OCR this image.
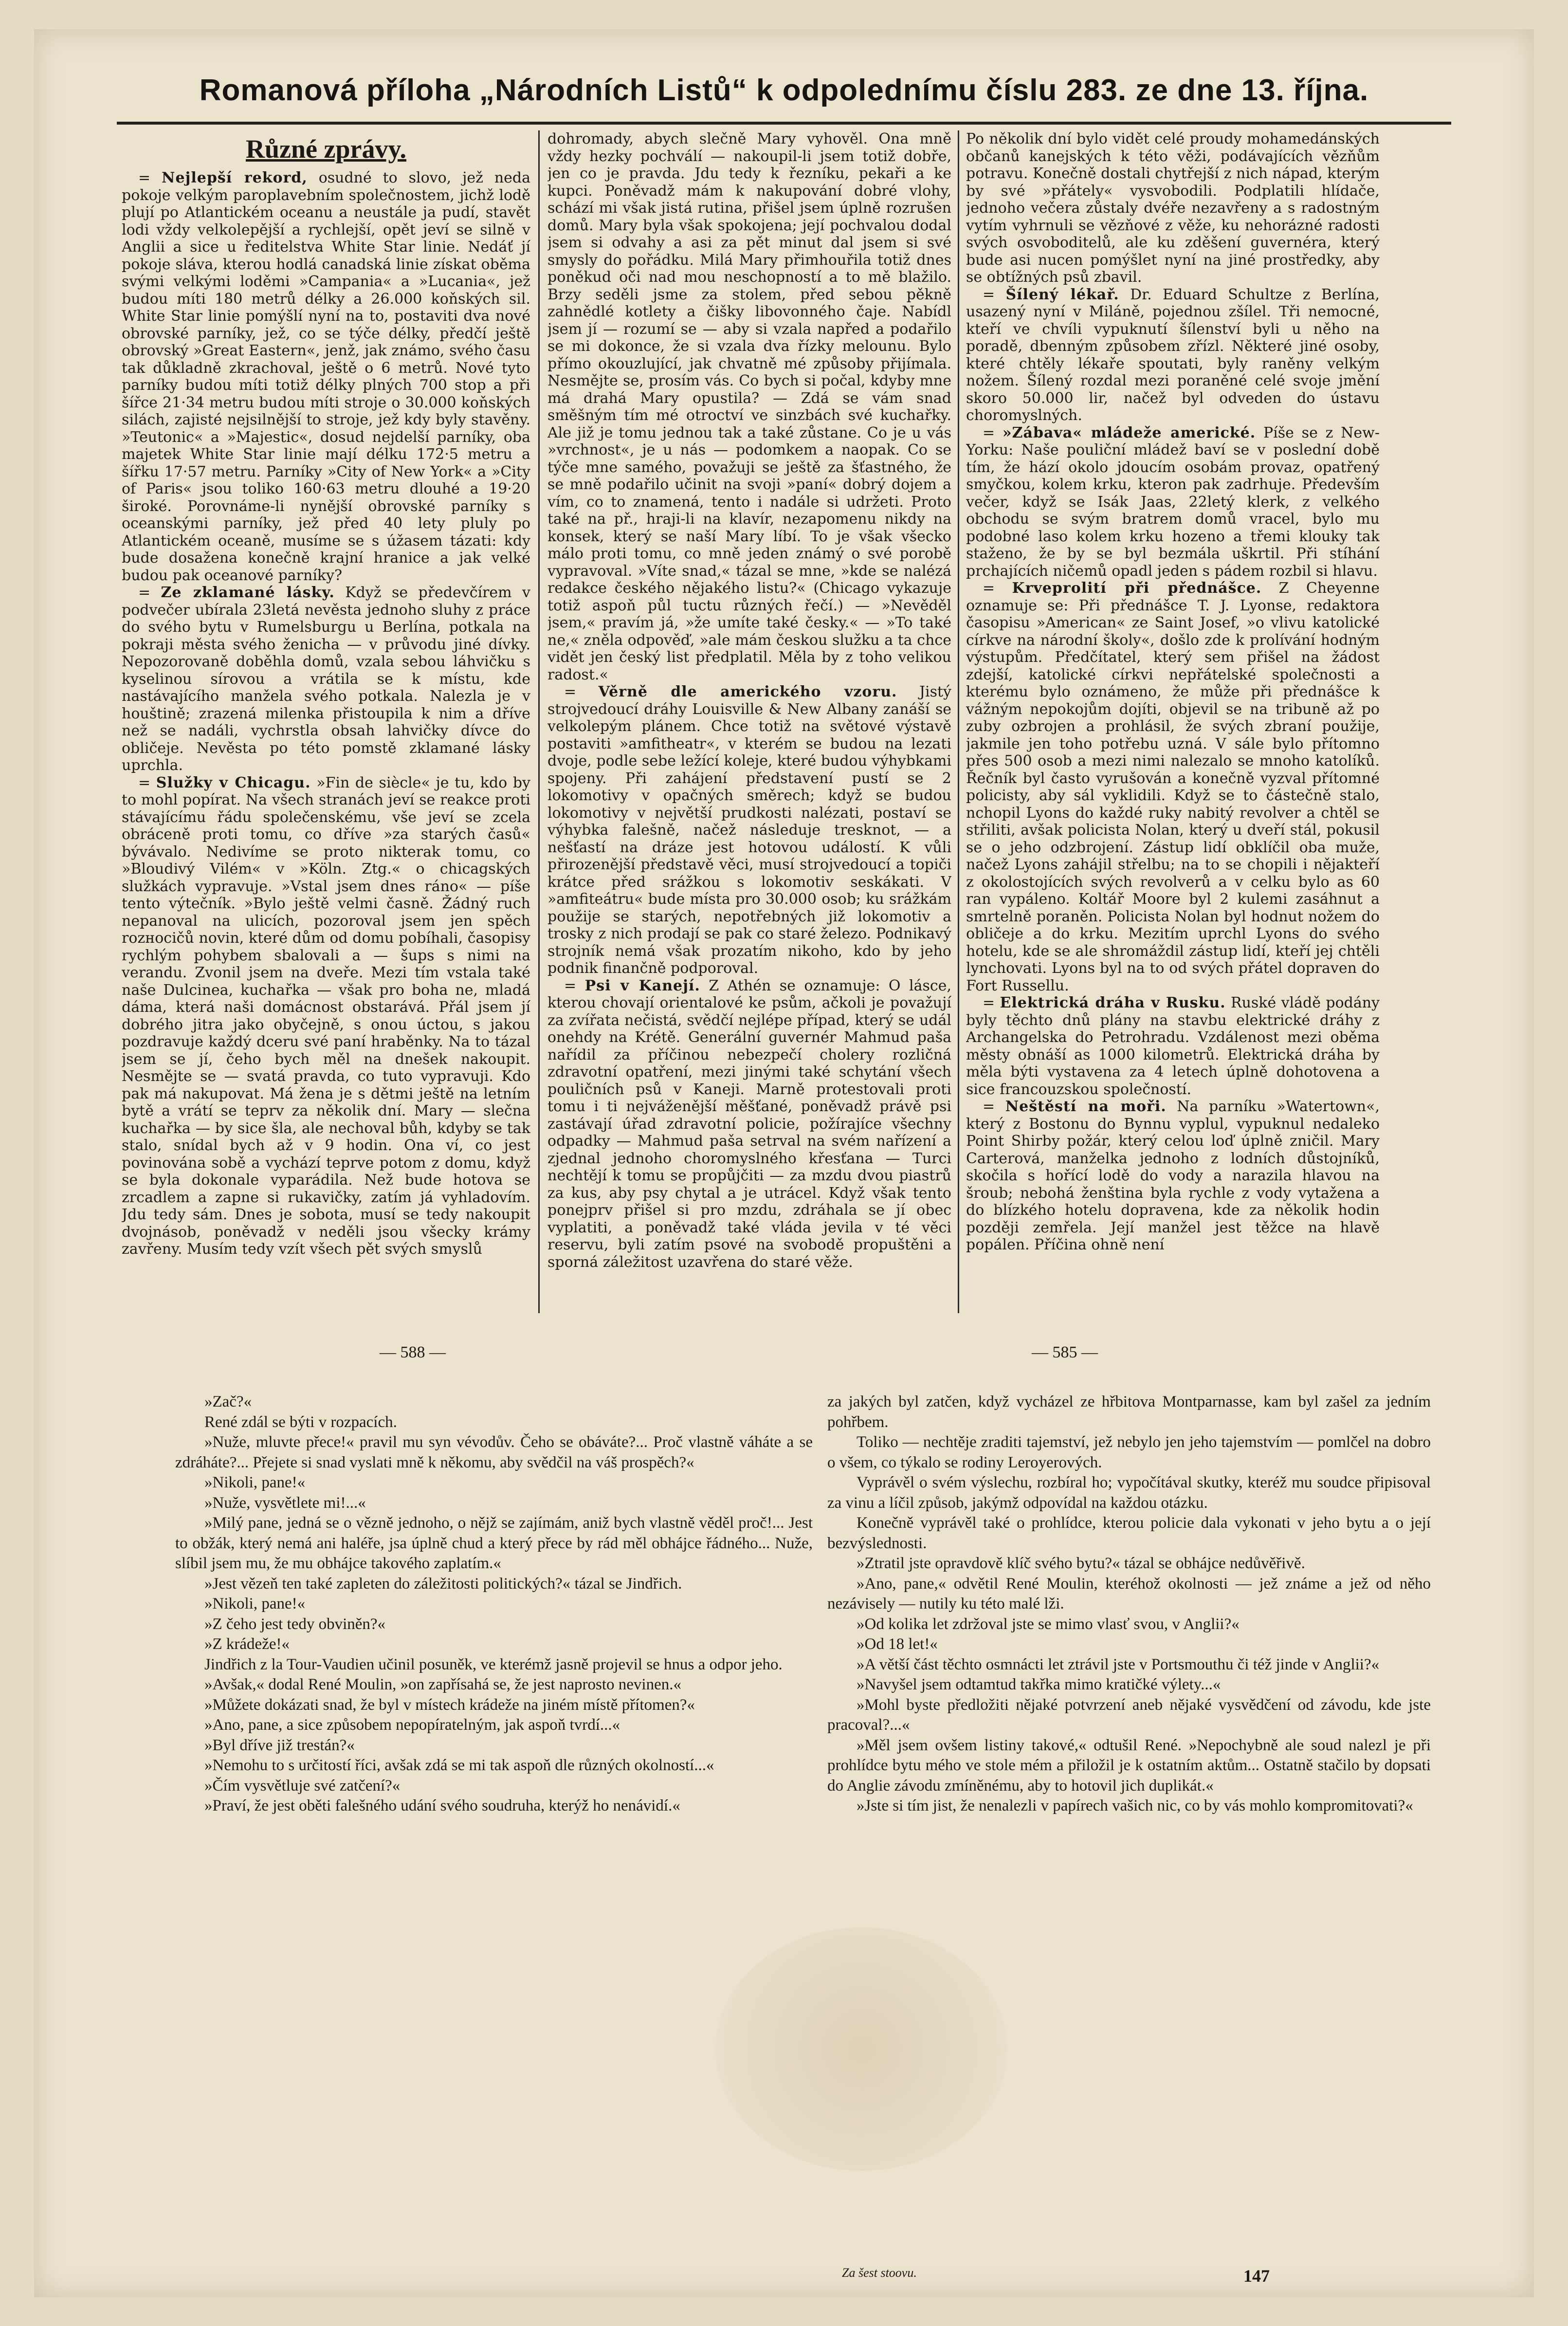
Romanová příloha „Národních Listů“ k odpolednímu číslu 283. ze dne 13. října.
Různé zprávy.

= Nejlepší rekord, osudné to slovo, jež neda pokoje velkým paroplavebním společnostem, jichž lodě plují po Atlantickém oceanu a neustále ja pudí, stavět lodi vždy velkolepější a rychlejší, opět jeví se silně v Anglii a sice u ředitelstva White Star linie. Nedáť jí pokoje sláva, kterou hodlá canadská linie získat oběma svými velkými loděmi »Campania« a »Lucania«, jež budou míti 180 metrů délky a 26.000 koňských sil. White Star linie pomýšlí nyní na to, postaviti dva nové obrovské parníky, jež, co se týče délky, předčí ještě obrovský »Great Eastern«, jenž, jak známo, svého času tak důkladně zkrachoval, ještě o 6 metrů. Nové tyto parníky budou míti totiž délky plných 700 stop a při šířce 21·34 metru budou míti stroje o 30.000 koňských silách, zajisté nejsilnější to stroje, jež kdy byly stavěny. »Teutonic« a »Majestic«, dosud nejdelší parníky, oba majetek White Star linie mají délku 172·5 metru a šířku 17·57 metru. Parníky »City of New York« a »City of Paris« jsou toliko 160·63 metru dlouhé a 19·20 široké. Porovnáme-li nynější obrovské parníky s oceanskými parníky, jež před 40 lety pluly po Atlantickém oceaně, musíme se s úžasem tázati: kdy bude dosažena konečně krajní hranice a jak velké budou pak oceanové parníky?

= Ze zklamané lásky. Když se předevčírem v podvečer ubírala 23letá nevěsta jednoho sluhy z práce do svého bytu v Rumelsburgu u Berlína, potkala na pokraji města svého ženicha — v průvodu jiné dívky. Nepozorovaně doběhla domů, vzala sebou láhvičku s kyselinou sírovou a vrátila se k místu, kde nastávajícího manžela svého potkala. Nalezla je v houštině; zrazená milenka přistoupila k nim a dříve než se nadáli, vychrstla obsah lahvičky dívce do obličeje. Nevěsta po této pomstě zklamané lásky uprchla.

= Služky v Chicagu. »Fin de siècle« je tu, kdo by to mohl popírat. Na všech stranách jeví se reakce proti stávajícímu řádu společenskému, vše jeví se zcela obráceně proti tomu, co dříve »za starých časů« bývávalo. Nedivíme se proto nikterak tomu, co »Bloudivý Vilém« v »Köln. Ztg.« o chicagských služkách vypravuje. »Vstal jsem dnes ráno« — píše tento výtečník. »Bylo ještě velmi časně. Žádný ruch nepanoval na ulicích, pozoroval jsem jen spěch rozносičů novin, které dům od domu pobíhali, časopisy rychlým pohybem sbalovali a — šups s nimi na verandu. Zvonil jsem na dveře. Mezi tím vstala také naše Dulcinea, kuchařka — však pro boha ne, mladá dáma, která naši domácnost obstarává. Přál jsem jí dobrého jitra jako obyčejně, s onou úctou, s jakou pozdravuje každý dceru své paní hraběnky. Na to tázal jsem se jí, čeho bych měl na dnešek nakoupit. Nesmějte se — svatá pravda, co tuto vypravuji. Kdo pak má nakupovat. Má žena je s dětmi ještě na letním bytě a vrátí se teprv za několik dní. Mary — slečna kuchařka — by sice šla, ale nechoval bůh, kdyby se tak stalo, snídal bych až v 9 hodin. Ona ví, co jest povinována sobě a vychází teprve potom z domu, když se byla dokonale vyparádila. Než bude hotova se zrcadlem a zapne si rukavičky, zatím já vyhladovím. Jdu tedy sám. Dnes je sobota, musí se tedy nakoupit dvojnásob, poněvadž v neděli jsou všecky krámy zavřeny. Musím tedy vzít všech pět svých smyslů

dohromady, abych slečně Mary vyhověl. Ona mně vždy hezky pochválí — nakoupil-li jsem totiž dobře, jen co je pravda. Jdu tedy k řezníku, pekaři a ke kupci. Poněvadž mám k nakupování dobré vlohy, schází mi však jistá rutina, přišel jsem úplně rozrušen domů. Mary byla však spokojena; její pochvalou dodal jsem si odvahy a asi za pět minut dal jsem si své smysly do pořádku. Milá Mary přimhouřila totiž dnes poněkud oči nad mou neschopností a to mě blažilo. Brzy seděli jsme za stolem, před sebou pěkně zahnědlé kotlety a čišky libovonného čaje. Nabídl jsem jí — rozumí se — aby si vzala napřed a podařilo se mi dokonce, že si vzala dva řízky melounu. Bylo přímo okouzlující, jak chvatně mé způsoby přijímala. Nesmějte se, prosím vás. Co bych si počal, kdyby mne má drahá Mary opustila? — Zdá se vám snad směšným tím mé otroctví ve sinzbách své kuchařky. Ale již je tomu jednou tak a také zůstane. Co je u vás »vrchnost«, je u nás — podomkem a naopak. Co se týče mne samého, považuji se ještě za šťastného, že se mně podařilo učinit na svoji »paní« dobrý dojem a vím, co to znamená, tento i nadále si udržeti. Proto také na př., hraji-li na klavír, nezapomenu nikdy na konsek, který se naší Mary líbí. To je však všecko málo proti tomu, co mně jeden známý o své porobě vypravoval. »Víte snad,« tázal se mne, »kde se nalézá redakce českého nějakého listu?« (Chicago vykazuje totiž aspoň půl tuctu různých řečí.) — »Nevěděl jsem,« pravím já, »že umíte také česky.« — »To také ne,« zněla odpověď, »ale mám českou služku a ta chce vidět jen český list předplatil. Měla by z toho velikou radost.«

= Věrně dle amerického vzoru. Jistý strojvedoucí dráhy Louisville & New Albany zanáší se velkolepým plánem. Chce totiž na světové výstavě postaviti »amfitheatr«, v kterém se budou na lezati dvoje, podle sebe ležící koleje, které budou výhybkami spojeny. Při zahájení představení pustí se 2 lokomotivy v opačných směrech; když se budou lokomotivy v největší prudkosti nalézati, postaví se výhybka falešně, načež následuje tresknot, — a nešťastí na dráze jest hotovou událostí. K vůli přirozenější představě věci, musí strojvedoucí a topiči krátce před srážkou s lokomotiv seskákati. V »amfiteátru« bude místa pro 30.000 osob; ku srážkám použije se starých, nepotřebných již lokomotiv a trosky z nich prodají se pak co staré železo. Podnikavý strojník nemá však prozatím nikoho, kdo by jeho podnik finančně podporoval.

= Psi v Kanejí. Z Athén se oznamuje: O lásce, kterou chovají orientalové ke psům, ačkoli je považují za zvířata nečistá, svědčí nejlépe případ, který se udál onehdy na Krétě. Generální guvernér Mahmud paša nařídil za příčinou nebezpečí cholery rozličná zdravotní opatření, mezi jinými také schytání všech pouličních psů v Kaneji. Marně protestovali proti tomu i ti nejváženější měšťané, poněvadž právě psi zastávají úřad zdravotní policie, požírajíce všechny odpadky — Mahmud paša setrval na svém nařízení a zjednal jednoho choromyslného křesťana — Turci nechtějí k tomu se propůjčiti — za mzdu dvou piastrů za kus, aby psy chytal a je utrácel. Když však tento ponejprv přišel si pro mzdu, zdráhala se jí obec vyplatiti, a poněvadž také vláda jevila v té věci reservu, byli zatím psové na svobodě propuštěni a sporná záležitost uzavřena do staré věže.

Po několik dní bylo vidět celé proudy mohamedánských občanů kanejských k této věži, podávajících vězňům potravu. Konečně dostali chytřejší z nich nápad, kterým by své »přátely« vysvobodili. Podplatili hlídače, jednoho večera zůstaly dvéře nezavřeny a s radostným vytím vyhrnuli se vězňové z věže, ku nehorázné radosti svých osvoboditelů, ale ku zděšení guvernéra, který bude asi nucen pomýšlet nyní na jiné prostředky, aby se obtížných psů zbavil.

= Šílený lékař. Dr. Eduard Schultze z Berlína, usazený nyní v Miláně, pojednou zšílel. Tři nemocné, kteří ve chvíli vypuknutí šílenství byli u něho na poradě, dbenným způsobem zřízl. Některé jiné osoby, které chtěly lékaře spoutati, byly raněny velkým nožem. Šílený rozdal mezi poraněné celé svoje jmění skoro 50.000 lir, načež byl odveden do ústavu choromyslných.

= »Zábava« mládeže americké. Píše se z New-Yorku: Naše pouliční mládež baví se v poslední době tím, že hází okolo jdoucím osobám provaz, opatřený smyčkou, kolem krku, kteron pak zadrhuje. Především večer, když se Isák Jaas, 22letý klerk, z velkého obchodu se svým bratrem domů vracel, bylo mu podobné laso kolem krku hozeno a třemi klouky tak staženo, že by se byl bezmála uškrtil. Při stíhání prchajících ničemů opadl jeden s pádem rozbil si hlavu.

= Krveprolití při přednášce. Z Cheyenne oznamuje se: Při přednášce T. J. Lyonse, redaktora časopisu »American« ze Saint Josef, »o vlivu katolické církve na národní školy«, došlo zde k prolívání hodným výstupům. Předčítatel, který sem přišel na žádost zdejší, katolické církvi nepřátelské společnosti a kterému bylo oznámeno, že může při přednášce k vážným nepokojům dojíti, objevil se na tribuně až po zuby ozbrojen a prohlásil, že svých zbraní použije, jakmile jen toho potřebu uzná. V sále bylo přítomno přes 500 osob a mezi nimi nalezalo se mnoho katolíků. Řečník byl často vyrušován a konečně vyzval přítomné policisty, aby sál vyklidili. Když se to částečně stalo, nchopil Lyons do každé ruky nabitý revolver a chtěl se střiliti, avšak policista Nolan, který u dveří stál, pokusil se o jeho odzbrojení. Zástup lidí obklíčil oba muže, načež Lyons zahájil střelbu; na to se chopili i nějakteří z okolostojících svých revolverů a v celku bylo as 60 ran vypáleno. Koltář Moore byl 2 kulemi zasáhnut a smrtelně poraněn. Policista Nolan byl hodnut nožem do obličeje a do krku. Mezitím uprchl Lyons do svého hotelu, kde se ale shromáždil zástup lidí, kteří jej chtěli lynchovati. Lyons byl na to od svých přátel dopraven do Fort Russellu.

= Elektrická dráha v Rusku. Ruské vládě podány byly těchto dnů plány na stavbu elektrické dráhy z Archangelska do Petrohradu. Vzdálenost mezi oběma městy obnáší as 1000 kilometrů. Elektrická dráha by měla býti vystavena za 4 letech úplně dohotovena a sice francouzskou společností.

= Neštěstí na moři. Na parníku »Watertown«, který z Bostonu do Bynnu vyplul, vypuknul nedaleko Point Shirby požár, který celou loď úplně zničil. Mary Carterová, manželka jednoho z lodních důstojníků, skočila s hořící lodě do vody a narazila hlavou na šroub; nebohá ženština byla rychle z vody vytažena a do blízkého hotelu dopravena, kde za několik hodin později zemřela. Její manžel jest těžce na hlavě popálen. Příčina ohně není

— 588 —	— 585 —

»Zač?«

René zdál se býti v rozpacích.

»Nuže, mluvte přece!« pravil mu syn vévodův. Čeho se obáváte?... Proč vlastně váháte a se zdráháte?... Přejete si snad vyslati mně k někomu, aby svědčil na váš prospěch?«

»Nikoli, pane!«

»Nuže, vysvětlete mi!...«

»Milý pane, jedná se o vězně jednoho, o nějž se zajímám, aniž bych vlastně věděl proč!... Jest to obžák, který nemá ani haléře, jsa úplně chud a který přece by rád měl obhájce řádného... Nuže, slíbil jsem mu, že mu obhájce takového zaplatím.«

»Jest vězeň ten také zapleten do záležitosti politických?« tázal se Jindřich.

»Nikoli, pane!«

»Z čeho jest tedy obviněn?«

»Z krádeže!«

Jindřich z la Tour-Vaudien učinil posuněk, ve kterémž jasně projevil se hnus a odpor jeho.

»Avšak,« dodal René Moulin, »on zapřísahá se, že jest naprosto nevinen.«

»Můžete dokázati snad, že byl v místech krádeže na jiném místě přítomen?«

»Ano, pane, a sice způsobem nepopíratelným, jak aspoň tvrdí...«

»Byl dříve již trestán?«

»Nemohu to s určitostí říci, avšak zdá se mi tak aspoň dle různých okolností...«

»Čím vysvětluje své zatčení?«

»Praví, že jest oběti falešného udání svého soudruha, kterýž ho nenávidí.«

za jakých byl zatčen, když vycházel ze hřbitova Montparnasse, kam byl zašel za jedním pohřbem.

Toliko — nechtěje zraditi tajemství, jež nebylo jen jeho tajemstvím — pomlčel na dobro o všem, co týkalo se rodiny Leroyerových.

Vyprávěl o svém výslechu, rozbíral ho; vypočítával skutky, kteréž mu soudce připisoval za vinu a líčil způsob, jakýmž odpovídal na každou otázku.

Konečně vyprávěl také o prohlídce, kterou policie dala vykonati v jeho bytu a o její bezvýslednosti.

»Ztratil jste opravdově klíč svého bytu?« tázal se obhájce nedůvěřivě.

»Ano, pane,« odvětil René Moulin, kteréhož okolnosti — jež známe a jež od něho nezávisely — nutily ku této malé lži.

»Od kolika let zdržoval jste se mimo vlasť svou, v Anglii?«

»Od 18 let!«

»A větší část těchto osmnácti let ztrávil jste v Portsmouthu či též jinde v Anglii?«

»Navyšel jsem odtamtud takřka mimo kratičké výlety...«

»Mohl byste předložiti nějaké potvrzení aneb nějaké vysvědčení od závodu, kde jste pracoval?...«

»Měl jsem ovšem listiny takové,« odtušil René. »Nepochybně ale soud nalezl je při prohlídce bytu mého ve stole mém a přiložil je k ostatním aktům... Ostatně stačilo by dopsati do Anglie závodu zmíněnému, aby to hotovil jich duplikát.«

»Jste si tím jist, že nenalezli v papírech vašich nic, co by vás mohlo kompromitovati?«

Za šest stoovu.	147
